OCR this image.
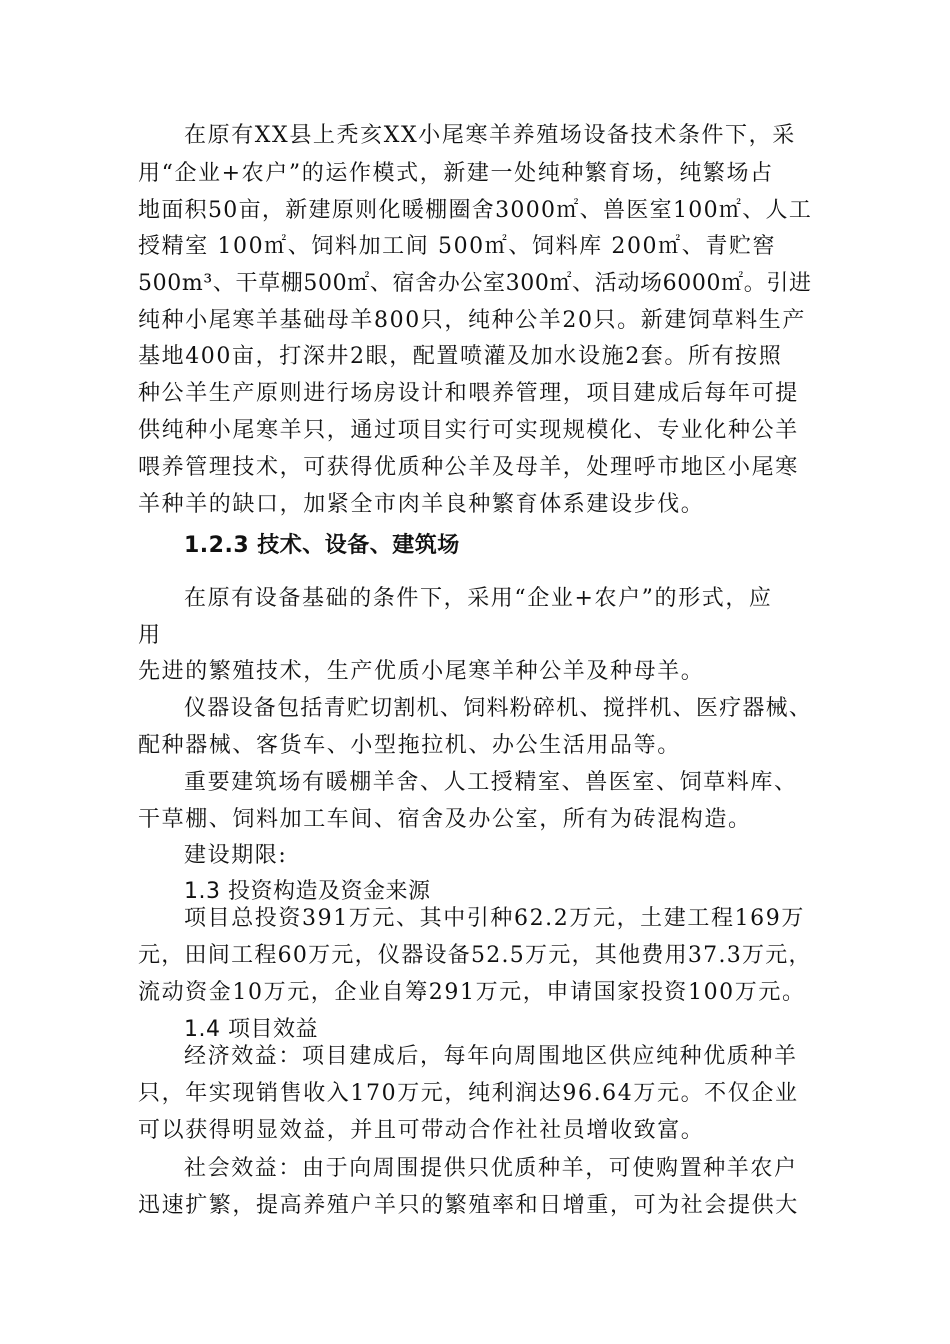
在原有XX县上秃亥XX小尾寒羊养殖场设备技术条件下，采
用“企业+农户”的运作模式，新建一处纯种繁育场，纯繁场占
地面积50亩，新建原则化暖棚圈舍3000㎡、兽医室100㎡、人工
授精室 100㎡、饲料加工间 500㎡、饲料库 200㎡、青贮窖
500m³、干草棚500㎡、宿舍办公室300㎡、活动场6000㎡。引进
纯种小尾寒羊基础母羊800只，纯种公羊20只。新建饲草料生产
基地400亩，打深井2眼，配置喷灌及加水设施2套。所有按照
种公羊生产原则进行场房设计和喂养管理，项目建成后每年可提
供纯种小尾寒羊只，通过项目实行可实现规模化、专业化种公羊
喂养管理技术，可获得优质种公羊及母羊，处理呼市地区小尾寒
羊种羊的缺口，加紧全市肉羊良种繁育体系建设步伐。
1.2.3 技术、设备、建筑场
在原有设备基础的条件下，采用“企业+农户”的形式，应
用
先进的繁殖技术，生产优质小尾寒羊种公羊及种母羊。
仪器设备包括青贮切割机、饲料粉碎机、搅拌机、医疗器械、
配种器械、客货车、小型拖拉机、办公生活用品等。
重要建筑场有暖棚羊舍、人工授精室、兽医室、饲草料库、
干草棚、饲料加工车间、宿舍及办公室，所有为砖混构造。
建设期限:
1.3 投资构造及资金来源
项目总投资391万元、其中引种62.2万元，土建工程169万
元，田间工程60万元，仪器设备52.5万元，其他费用37.3万元，
流动资金10万元，企业自筹291万元，申请国家投资100万元。
1.4 项目效益
经济效益：项目建成后，每年向周围地区供应纯种优质种羊
只，年实现销售收入170万元，纯利润达96.64万元。不仅企业
可以获得明显效益，并且可带动合作社社员增收致富。
社会效益：由于向周围提供只优质种羊，可使购置种羊农户
迅速扩繁，提高养殖户羊只的繁殖率和日增重，可为社会提供大
